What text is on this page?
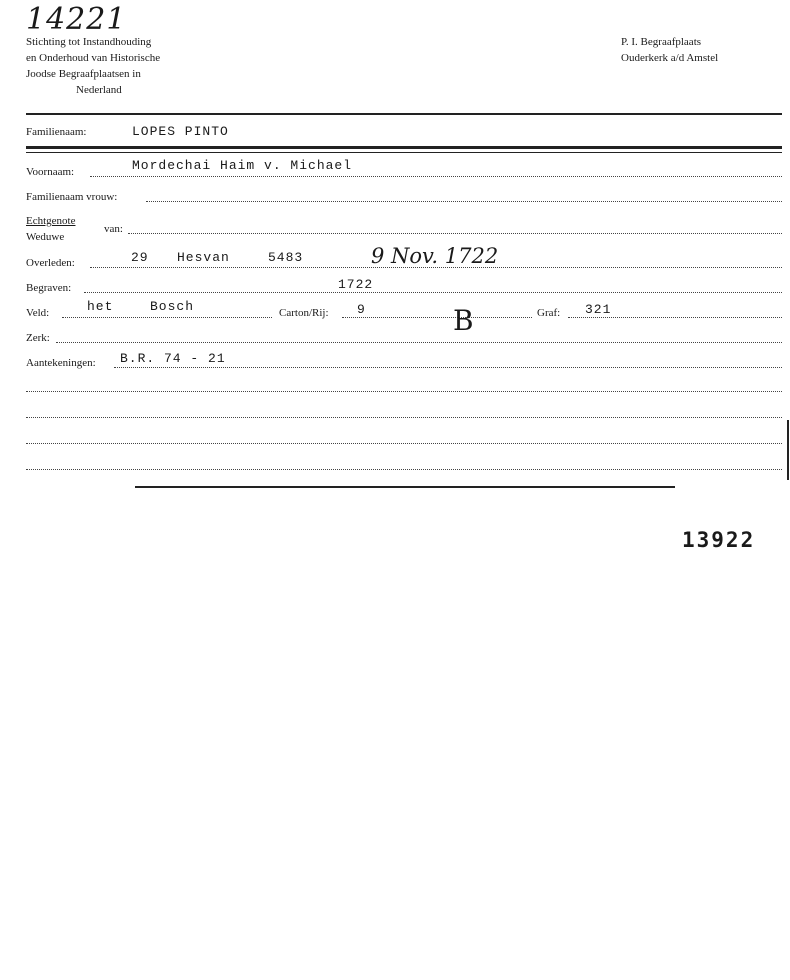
14221
Stichting tot Instandhouding
en Onderhoud van Historische
Joodse Begraafplaatsen in
Nederland
P. I. Begraafplaats
Ouderkerk a/d Amstel
Familienaam:	LOPES PINTO
Voornaam:	Mordechai Haim v. Michael
Familienaam vrouw:
Echtgenote
Weduwe
van:
Overleden:	29 Hesvan	5483	9 Nov. 1722
Begraven:	1722
Veld:	het	Bosch	Carton/Rij: 9	B	Graf: 321
Zerk:
Aantekeningen: B.R. 74 - 21
13922
